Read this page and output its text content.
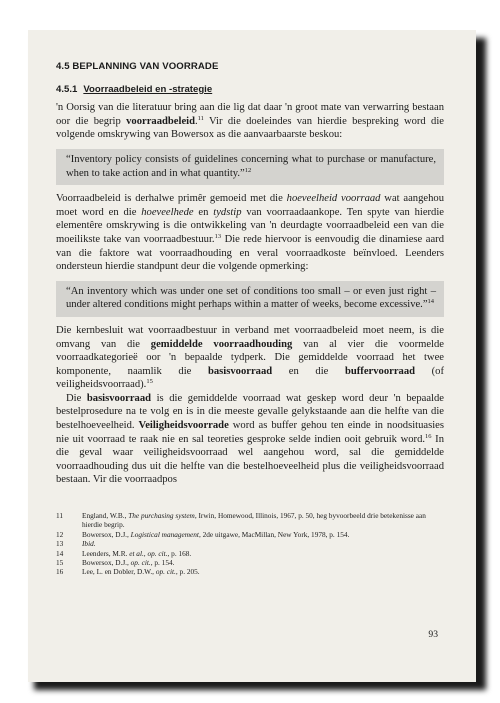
4.5 BEPLANNING VAN VOORRADE
4.5.1 Voorraadbeleid en -strategie

'n Oorsig van die literatuur bring aan die lig dat daar 'n groot mate van verwarring bestaan oor die begrip voorraadbeleid.$^{11}$ Vir die doeleindes van hierdie bespreking word die volgende omskrywing van Bowersox as die aanvaarbaarste beskou:

“Inventory policy consists of guidelines concerning what to purchase or manufacture, when to take action and in what quantity.”$^{12}$

Voorraadbeleid is derhalwe primêr gemoeid met die hoeveelheid voorraad wat aangehou moet word en die hoeveelhede en tydstip van voorraadaankope. Ten spyte van hierdie elementêre omskrywing is die ontwikkeling van 'n deurdagte voorraadbeleid een van die moeilikste take van voorraadbestuur.$^{13}$ Die rede hiervoor is eenvoudig die dinamiese aard van die faktore wat voorraadhouding en veral voorraadkoste beïnvloed. Leenders ondersteun hierdie standpunt deur die volgende opmerking:

“An inventory which was under one set of conditions too small – or even just right – under altered conditions might perhaps within a matter of weeks, become excessive.”$^{14}$

Die kernbesluit wat voorraadbestuur in verband met voorraadbeleid moet neem, is die omvang van die gemiddelde voorraadhouding van al vier die voormelde voorraadkategorieë oor 'n bepaalde tydperk. Die gemiddelde voorraad het twee komponente, naamlik die basisvoorraad en die buffervoorraad (of veiligheidsvoorraad).$^{15}$

Die basisvoorraad is die gemiddelde voorraad wat geskep word deur 'n bepaalde bestelprosedure na te volg en is in die meeste gevalle gelykstaande aan die helfte van die bestelhoeveelheid. Veiligheidsvoorrade word as buffer gehou ten einde in noodsituasies nie uit voorraad te raak nie en sal teoreties gesproke selde indien ooit gebruik word.$^{16}$ In die geval waar veiligheidsvoorraad wel aangehou word, sal die gemiddelde voorraadhouding dus uit die helfte van die bestelhoeveelheid plus die veiligheidsvoorraad bestaan. Vir die voorraadpos

11	England, W.B., The purchasing system, Irwin, Homewood, Illinois, 1967, p. 50, heg byvoorbeeld drie betekenisse aan hierdie begrip.
12	Bowersox, D.J., Logistical management, 2de uitgawe, MacMillan, New York, 1978, p. 154.
13	Ibid.
14	Leenders, M.R. et al., op. cit., p. 168.
15	Bowersox, D.J., op. cit., p. 154.
16	Lee, L. en Dobler, D.W., op. cit., p. 205.
93
